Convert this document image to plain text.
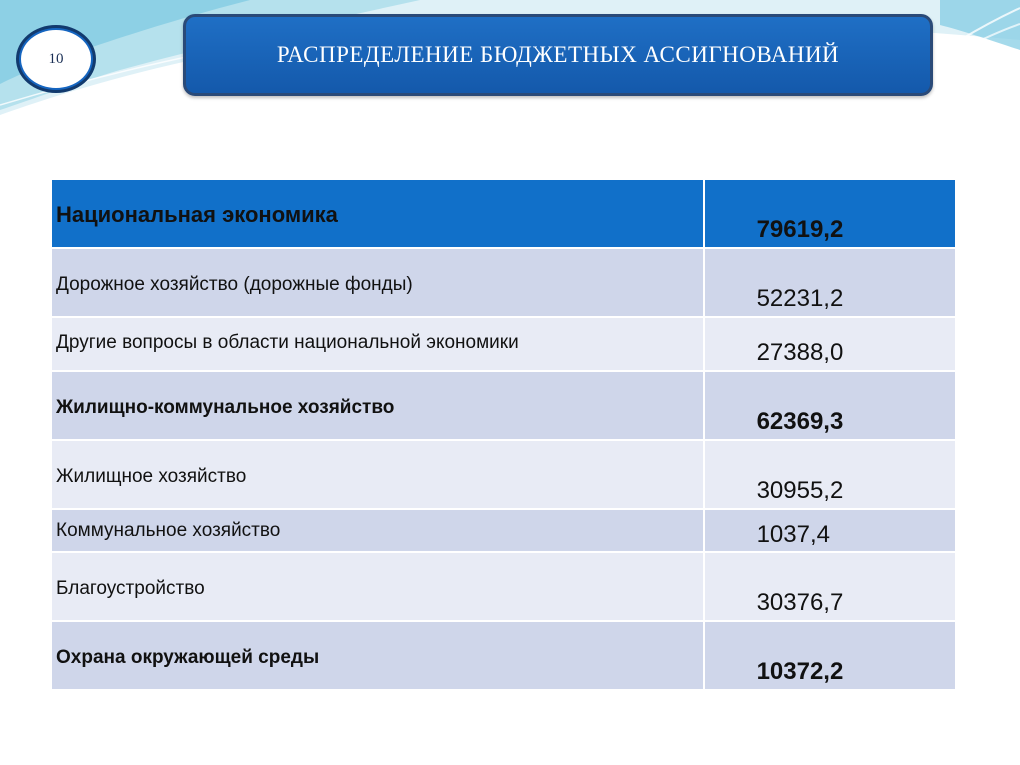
10	РАСПРЕДЕЛЕНИЕ БЮДЖЕТНЫХ АССИГНОВАНИЙ
Национальная экономика	79619,2

Дорожное хозяйство (дорожные фонды)	52231,2

Другие вопросы в области национальной экономики	27388,0

Жилищно-коммунальное хозяйство	62369,3

Жилищное хозяйство	30955,2

Коммунальное хозяйство	1037,4

Благоустройство	30376,7

Охрана окружающей среды	10372,2
